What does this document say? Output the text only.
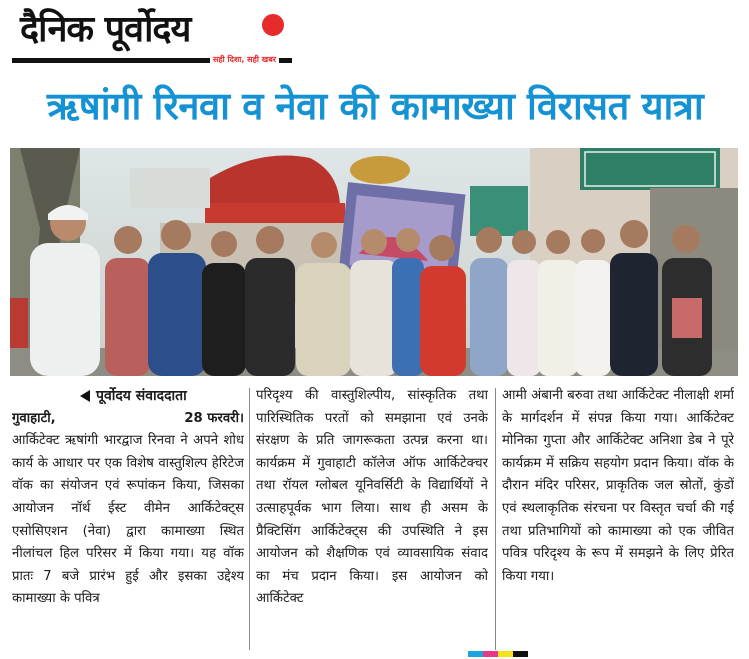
दैनिक पूर्वोदय
सही दिशा, सही खबर
ऋषांगी रिनवा व नेवा की कामाख्या विरासत यात्रा
पूर्वोदय संवाददाता
गुवाहाटी,	28 फरवरी।

आर्किटेक्ट ऋषांगी भारद्वाज रिनवा ने अपने शोध कार्य के आधार पर एक विशेष वास्तुशिल्प हेरिटेज वॉक का संयोजन एवं रूपांकन किया, जिसका आयोजन नॉर्थ ईस्ट वीमेन आर्किटेक्ट्स एसोसिएशन (नेवा) द्वारा कामाख्या स्थित नीलांचल हिल परिसर में किया गया। यह वॉक प्रातः 7 बजे प्रारंभ हुई और इसका उद्देश्य कामाख्या के पवित्र

परिदृश्य की वास्तुशिल्पीय, सांस्कृतिक तथा पारिस्थितिक परतों को समझाना एवं उनके संरक्षण के प्रति जागरूकता उत्पन्न करना था। कार्यक्रम में गुवाहाटी कॉलेज ऑफ आर्किटेक्चर तथा रॉयल ग्लोबल यूनिवर्सिटी के विद्यार्थियों ने उत्साहपूर्वक भाग लिया। साथ ही असम के प्रैक्टिसिंग आर्किटेक्ट्स की उपस्थिति ने इस आयोजन को शैक्षणिक एवं व्यावसायिक संवाद का मंच प्रदान किया। इस आयोजन को आर्किटेक्ट

आमी अंबानी बरुवा तथा आर्किटेक्ट नीलाक्षी शर्मा के मार्गदर्शन में संपन्न किया गया। आर्किटेक्ट मोनिका गुप्ता और आर्किटेक्ट अनिशा डेब ने पूरे कार्यक्रम में सक्रिय सहयोग प्रदान किया। वॉक के दौरान मंदिर परिसर, प्राकृतिक जल स्रोतों, कुंडों एवं स्थलाकृतिक संरचना पर विस्तृत चर्चा की गई तथा प्रतिभागियों को कामाख्या को एक जीवित पवित्र परिदृश्य के रूप में समझने के लिए प्रेरित किया गया।
